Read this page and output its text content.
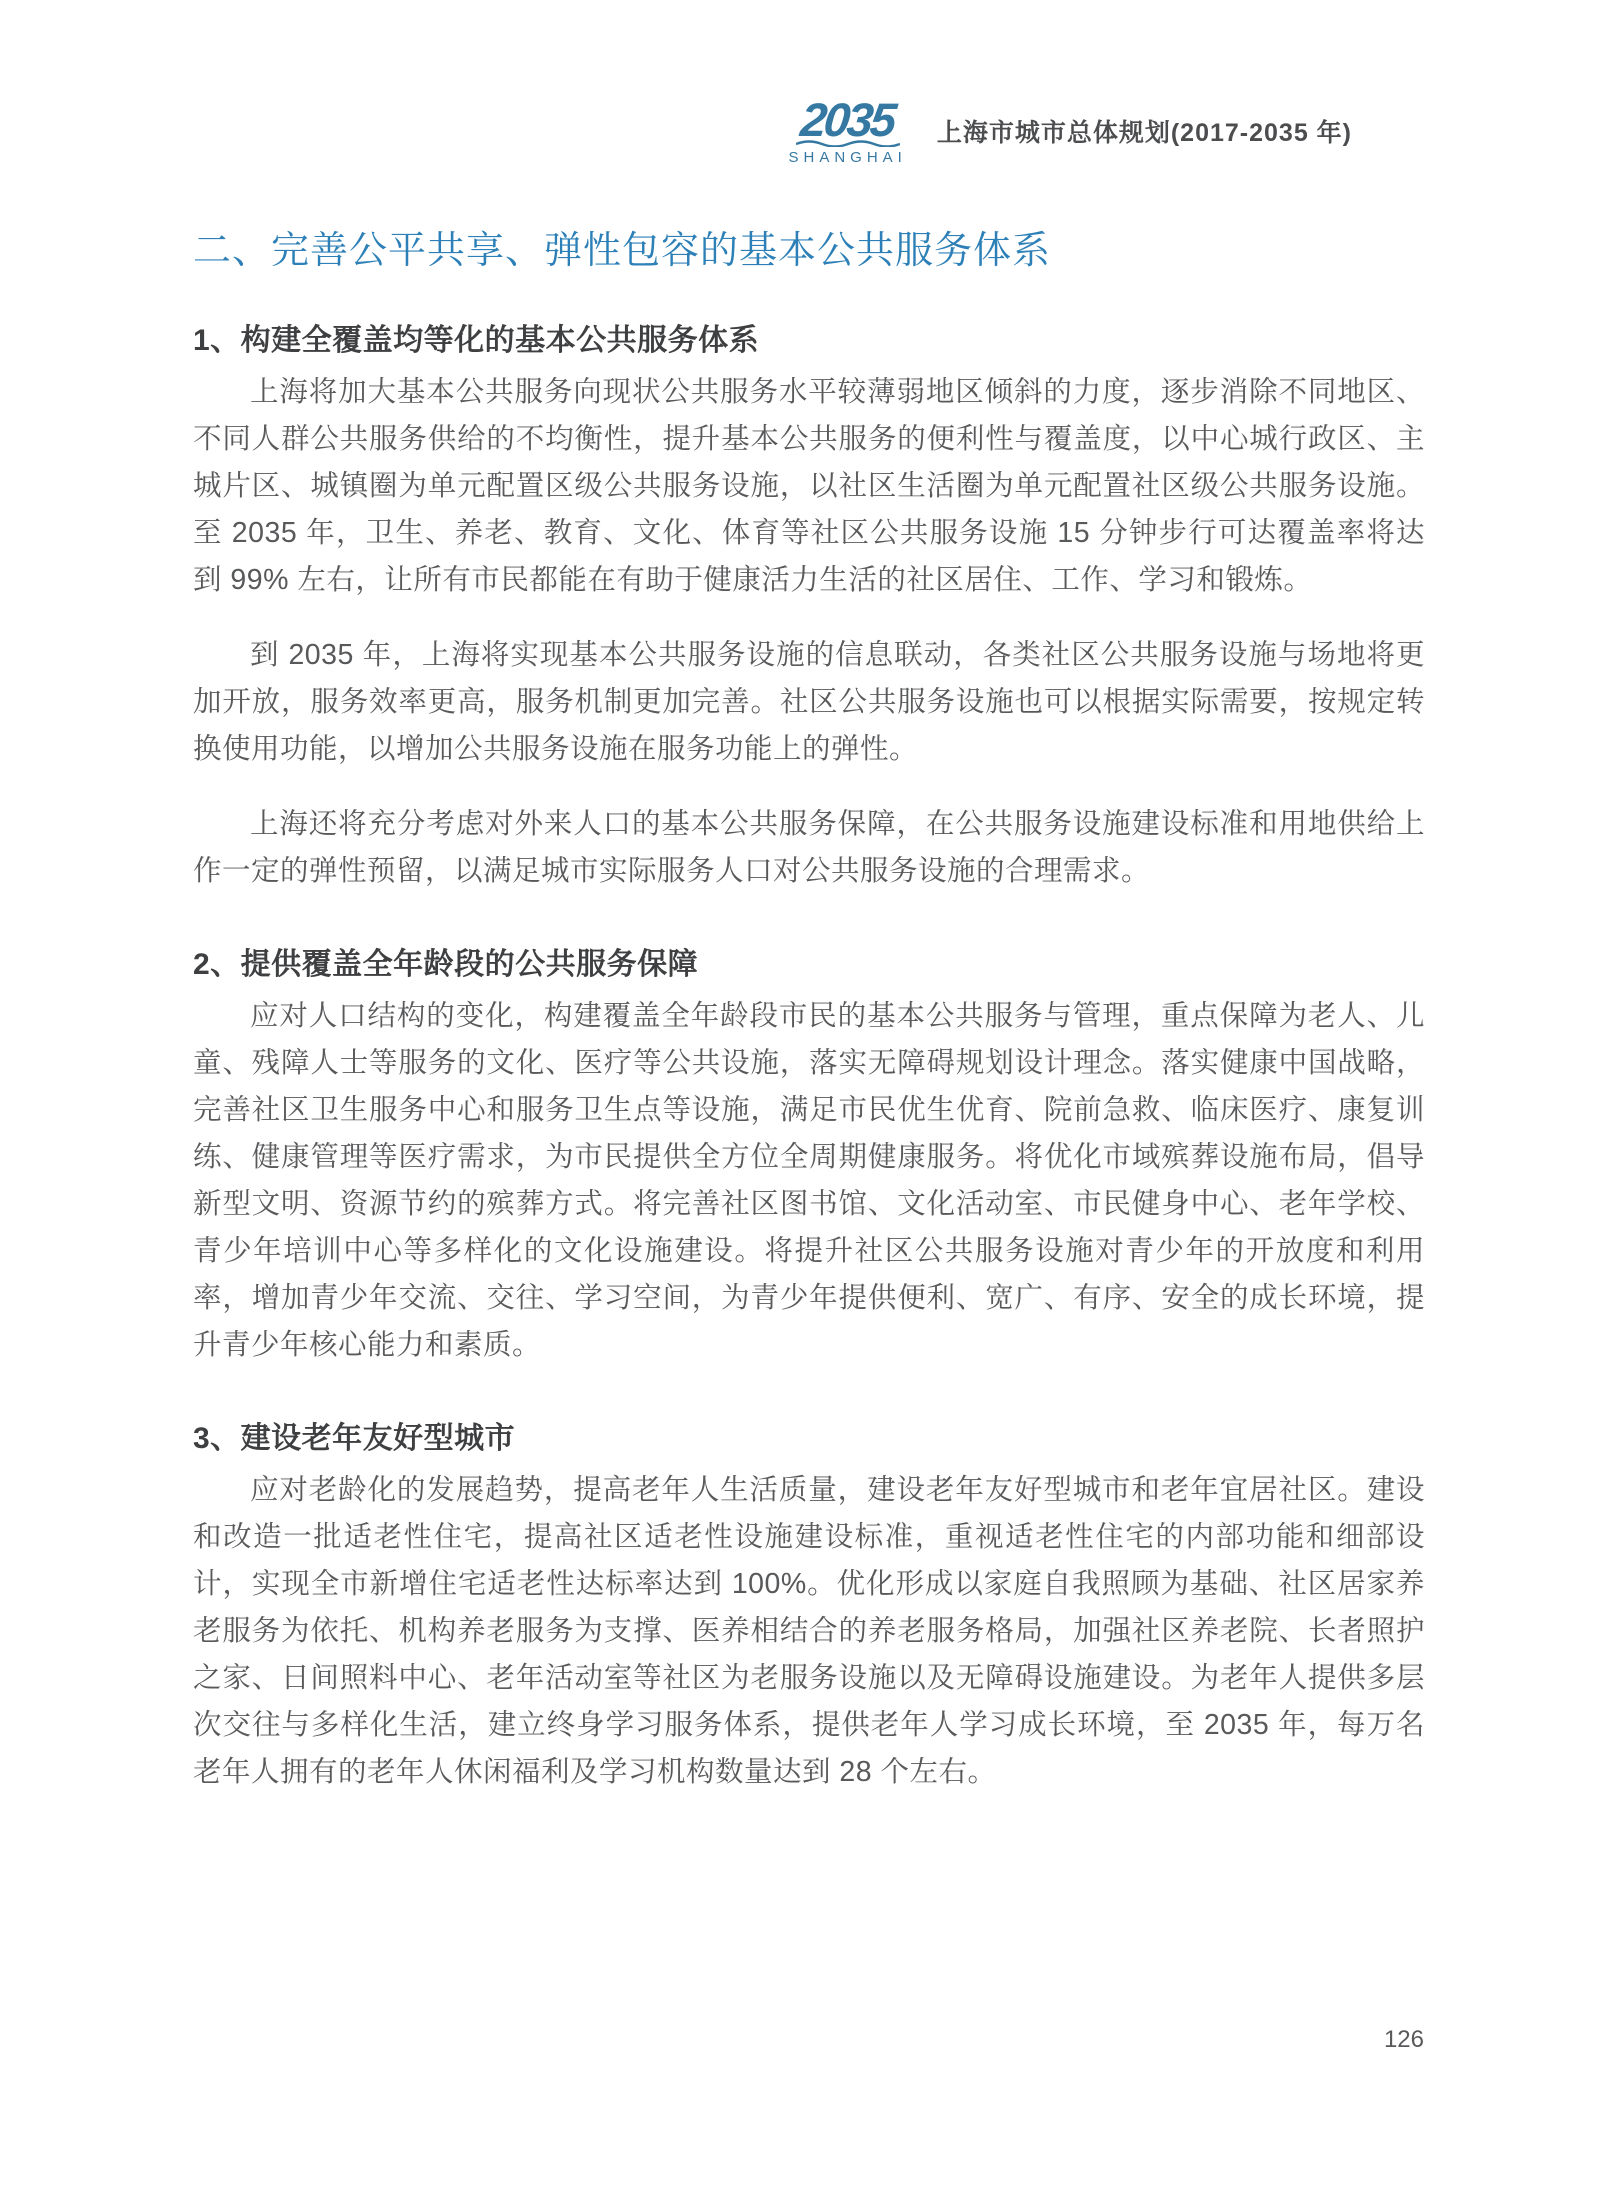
2035
SHANGHAI
上海市城市总体规划(2017-2035 年)
二、完善公平共享、弹性包容的基本公共服务体系
1、构建全覆盖均等化的基本公共服务体系

上海将加大基本公共服务向现状公共服务水平较薄弱地区倾斜的力度，逐步消除不同地区、不同人群公共服务供给的不均衡性，提升基本公共服务的便利性与覆盖度，以中心城行政区、主城片区、城镇圈为单元配置区级公共服务设施，以社区生活圈为单元配置社区级公共服务设施。至 2035 年，卫生、养老、教育、文化、体育等社区公共服务设施 15 分钟步行可达覆盖率将达到 99% 左右，让所有市民都能在有助于健康活力生活的社区居住、工作、学习和锻炼。

到 2035 年，上海将实现基本公共服务设施的信息联动，各类社区公共服务设施与场地将更加开放，服务效率更高，服务机制更加完善。社区公共服务设施也可以根据实际需要，按规定转换使用功能，以增加公共服务设施在服务功能上的弹性。

上海还将充分考虑对外来人口的基本公共服务保障，在公共服务设施建设标准和用地供给上作一定的弹性预留，以满足城市实际服务人口对公共服务设施的合理需求。

2、提供覆盖全年龄段的公共服务保障

应对人口结构的变化，构建覆盖全年龄段市民的基本公共服务与管理，重点保障为老人、儿童、残障人士等服务的文化、医疗等公共设施，落实无障碍规划设计理念。落实健康中国战略，完善社区卫生服务中心和服务卫生点等设施，满足市民优生优育、院前急救、临床医疗、康复训练、健康管理等医疗需求，为市民提供全方位全周期健康服务。将优化市域殡葬设施布局，倡导新型文明、资源节约的殡葬方式。将完善社区图书馆、文化活动室、市民健身中心、老年学校、青少年培训中心等多样化的文化设施建设。将提升社区公共服务设施对青少年的开放度和利用率，增加青少年交流、交往、学习空间，为青少年提供便利、宽广、有序、安全的成长环境，提升青少年核心能力和素质。

3、建设老年友好型城市

应对老龄化的发展趋势，提高老年人生活质量，建设老年友好型城市和老年宜居社区。建设和改造一批适老性住宅，提高社区适老性设施建设标准，重视适老性住宅的内部功能和细部设计，实现全市新增住宅适老性达标率达到 100%。优化形成以家庭自我照顾为基础、社区居家养老服务为依托、机构养老服务为支撑、医养相结合的养老服务格局，加强社区养老院、长者照护之家、日间照料中心、老年活动室等社区为老服务设施以及无障碍设施建设。为老年人提供多层次交往与多样化生活，建立终身学习服务体系，提供老年人学习成长环境，至 2035 年，每万名老年人拥有的老年人休闲福利及学习机构数量达到 28 个左右。

126
